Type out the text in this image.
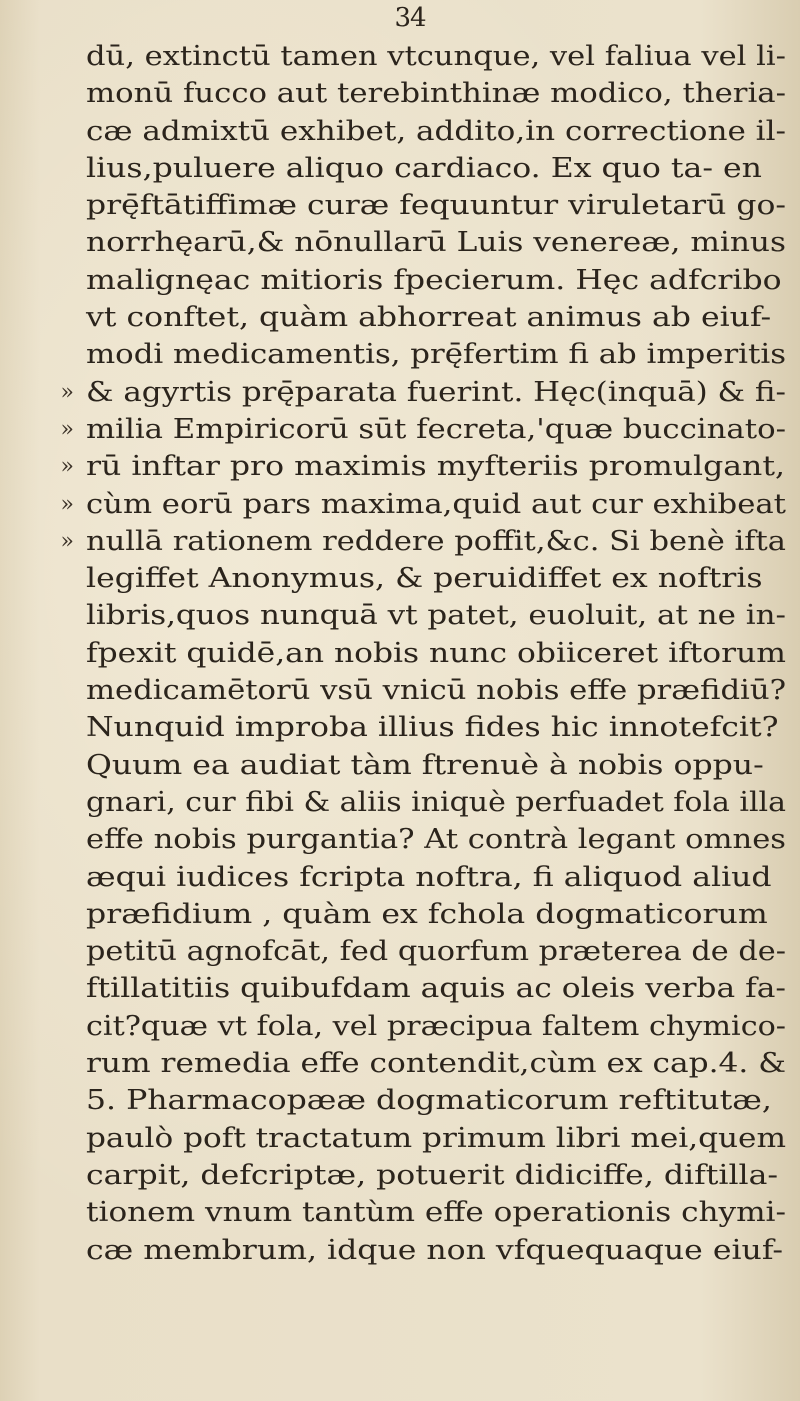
34
dū, extinctū tamen vtcunque, vel faliua vel li-
monū fucco aut terebinthinæ modico, theria-
cæ admixtū exhibet, addito,in correctione il-
lius,puluere aliquo cardiaco. Ex quo ta- en
prę̄ftātiffimæ curæ fequuntur viruletarū go-
norrhęarū,& nōnullarū Luis venereæ, minus
malignęac mitioris fpecierum. Hęc adfcribo
vt conftet, quàm abhorreat animus ab eiuf-
modi medicamentis, prę̄fertim fi ab imperitis
» & agyrtis prę̄parata fuerint. Hęc(inquā) & fi-
» milia Empiricorū sūt fecreta,'quæ buccinato-
» rū inftar pro maximis myfteriis promulgant,
» cùm eorū pars maxima,quid aut cur exhibeat
» nullā rationem reddere poffit,&c. Si benè ifta
legiffet Anonymus, & peruidiffet ex noftris
libris,quos nunquā vt patet, euoluit, at ne in-
fpexit quidē,an nobis nunc obiiceret iftorum
medicamētorū vsū vnicū nobis effe præfidiū?
Nunquid improba illius fides hic innotefcit?
Quum ea audiat tàm ftrenuè à nobis oppu-
gnari, cur fibi & aliis iniquè perfuadet fola illa
effe nobis purgantia? At contrà legant omnes
æqui iudices fcripta noftra, fi aliquod aliud
præfidium , quàm ex fchola dogmaticorum
petitū agnofcāt, fed quorfum præterea de de-
ftillatitiis quibufdam aquis ac oleis verba fa-
cit?quæ vt fola, vel præcipua faltem chymico-
rum remedia effe contendit,cùm ex cap.4. &
5. Pharmacopææ dogmaticorum reftitutæ,
paulò poft tractatum primum libri mei,quem
carpit, defcriptæ, potuerit didiciffe, diftilla-
tionem vnum tantùm effe operationis chymi-
cæ membrum, idque non vfquequaque eiuf-
